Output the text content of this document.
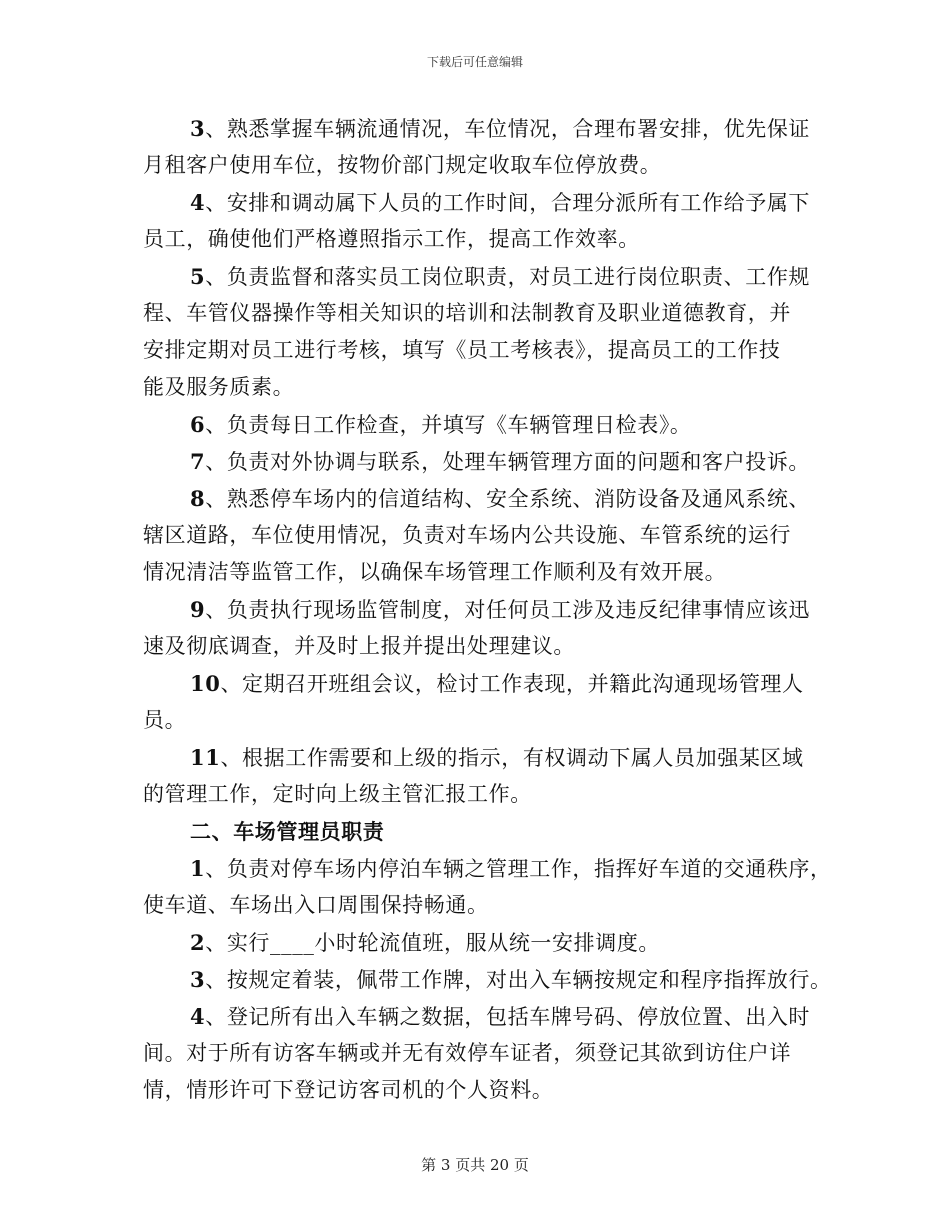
下载后可任意编辑
3、熟悉掌握车辆流通情况，车位情况，合理布署安排，优先保证
月租客户使用车位，按物价部门规定收取车位停放费。
4、安排和调动属下人员的工作时间，合理分派所有工作给予属下
员工，确使他们严格遵照指示工作，提高工作效率。
5、负责监督和落实员工岗位职责，对员工进行岗位职责、工作规
程、车管仪器操作等相关知识的培训和法制教育及职业道德教育，并
安排定期对员工进行考核，填写《员工考核表》，提高员工的工作技
能及服务质素。
6、负责每日工作检查，并填写《车辆管理日检表》。
7、负责对外协调与联系，处理车辆管理方面的问题和客户投诉。
8、熟悉停车场内的信道结构、安全系统、消防设备及通风系统、
辖区道路，车位使用情况，负责对车场内公共设施、车管系统的运行
情况清洁等监管工作，以确保车场管理工作顺利及有效开展。
9、负责执行现场监管制度，对任何员工涉及违反纪律事情应该迅
速及彻底调查，并及时上报并提出处理建议。
10、定期召开班组会议，检讨工作表现，并籍此沟通现场管理人
员。
11、根据工作需要和上级的指示，有权调动下属人员加强某区域
的管理工作，定时向上级主管汇报工作。
二、车场管理员职责
1、负责对停车场内停泊车辆之管理工作，指挥好车道的交通秩序，
使车道、车场出入口周围保持畅通。
2、实行____小时轮流值班，服从统一安排调度。
3、按规定着装，佩带工作牌，对出入车辆按规定和程序指挥放行。
4、登记所有出入车辆之数据，包括车牌号码、停放位置、出入时
间。对于所有访客车辆或并无有效停车证者，须登记其欲到访住户详
情，情形许可下登记访客司机的个人资料。
第 3 页共 20 页
